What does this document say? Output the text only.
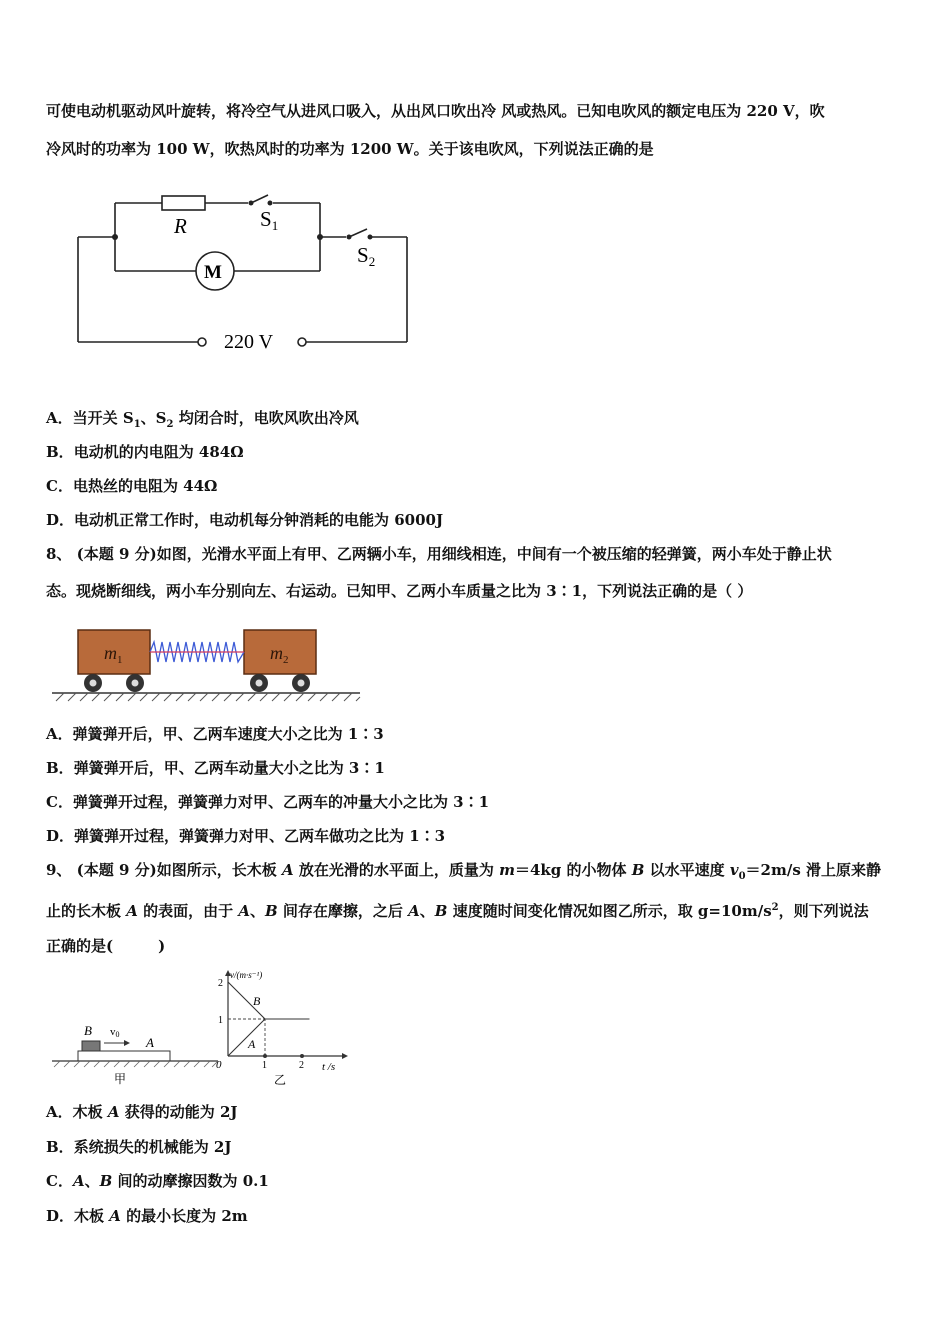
可使电动机驱动风叶旋转，将冷空气从进风口吸入，从出风口吹出冷 风或热风。已知电吹风的额定电压为 220 V，吹
冷风时的功率为 100 W，吹热风时的功率为 1200 W。关于该电吹风，下列说法正确的是
R	S1
S2
M
220 V
A．当开关 $S_1$、$S_2$ 均闭合时，电吹风吹出冷风
B．电动机的内电阻为 484Ω
C．电热丝的电阻为 44Ω
D．电动机正常工作时，电动机每分钟消耗的电能为 6000J
8、 (本题 9 分)如图，光滑水平面上有甲、乙两辆小车，用细线相连，中间有一个被压缩的轻弹簧，两小车处于静止状
态。现烧断细线，两小车分别向左、右运动。已知甲、乙两小车质量之比为 3∶1，下列说法正确的是（ ）
$m_1$	$m_2$
A．弹簧弹开后，甲、乙两车速度大小之比为 1∶3
B．弹簧弹开后，甲、乙两车动量大小之比为 3∶1
C．弹簧弹开过程，弹簧弹力对甲、乙两车的冲量大小之比为 3∶1
D．弹簧弹开过程，弹簧弹力对甲、乙两车做功之比为 1∶3
9、 (本题 9 分)如图所示，长木板 A 放在光滑的水平面上，质量为 m＝4kg 的小物体 B 以水平速度 $v_0=2m/s$ 滑上原来静
止的长木板 A 的表面，由于 A、B 间存在摩擦，之后 A、B 速度随时间变化情况如图乙所示，取 $g=10m/s^2$，则下列说法
正确的是(　　　)
B v0
A
甲
v/(m·s⁻¹)
t /s
0
1
2
1	2
B
A
乙
A．木板 A 获得的动能为 2J
B．系统损失的机械能为 2J
C．A、B 间的动摩擦因数为 0.1
D．木板 A 的最小长度为 2m
